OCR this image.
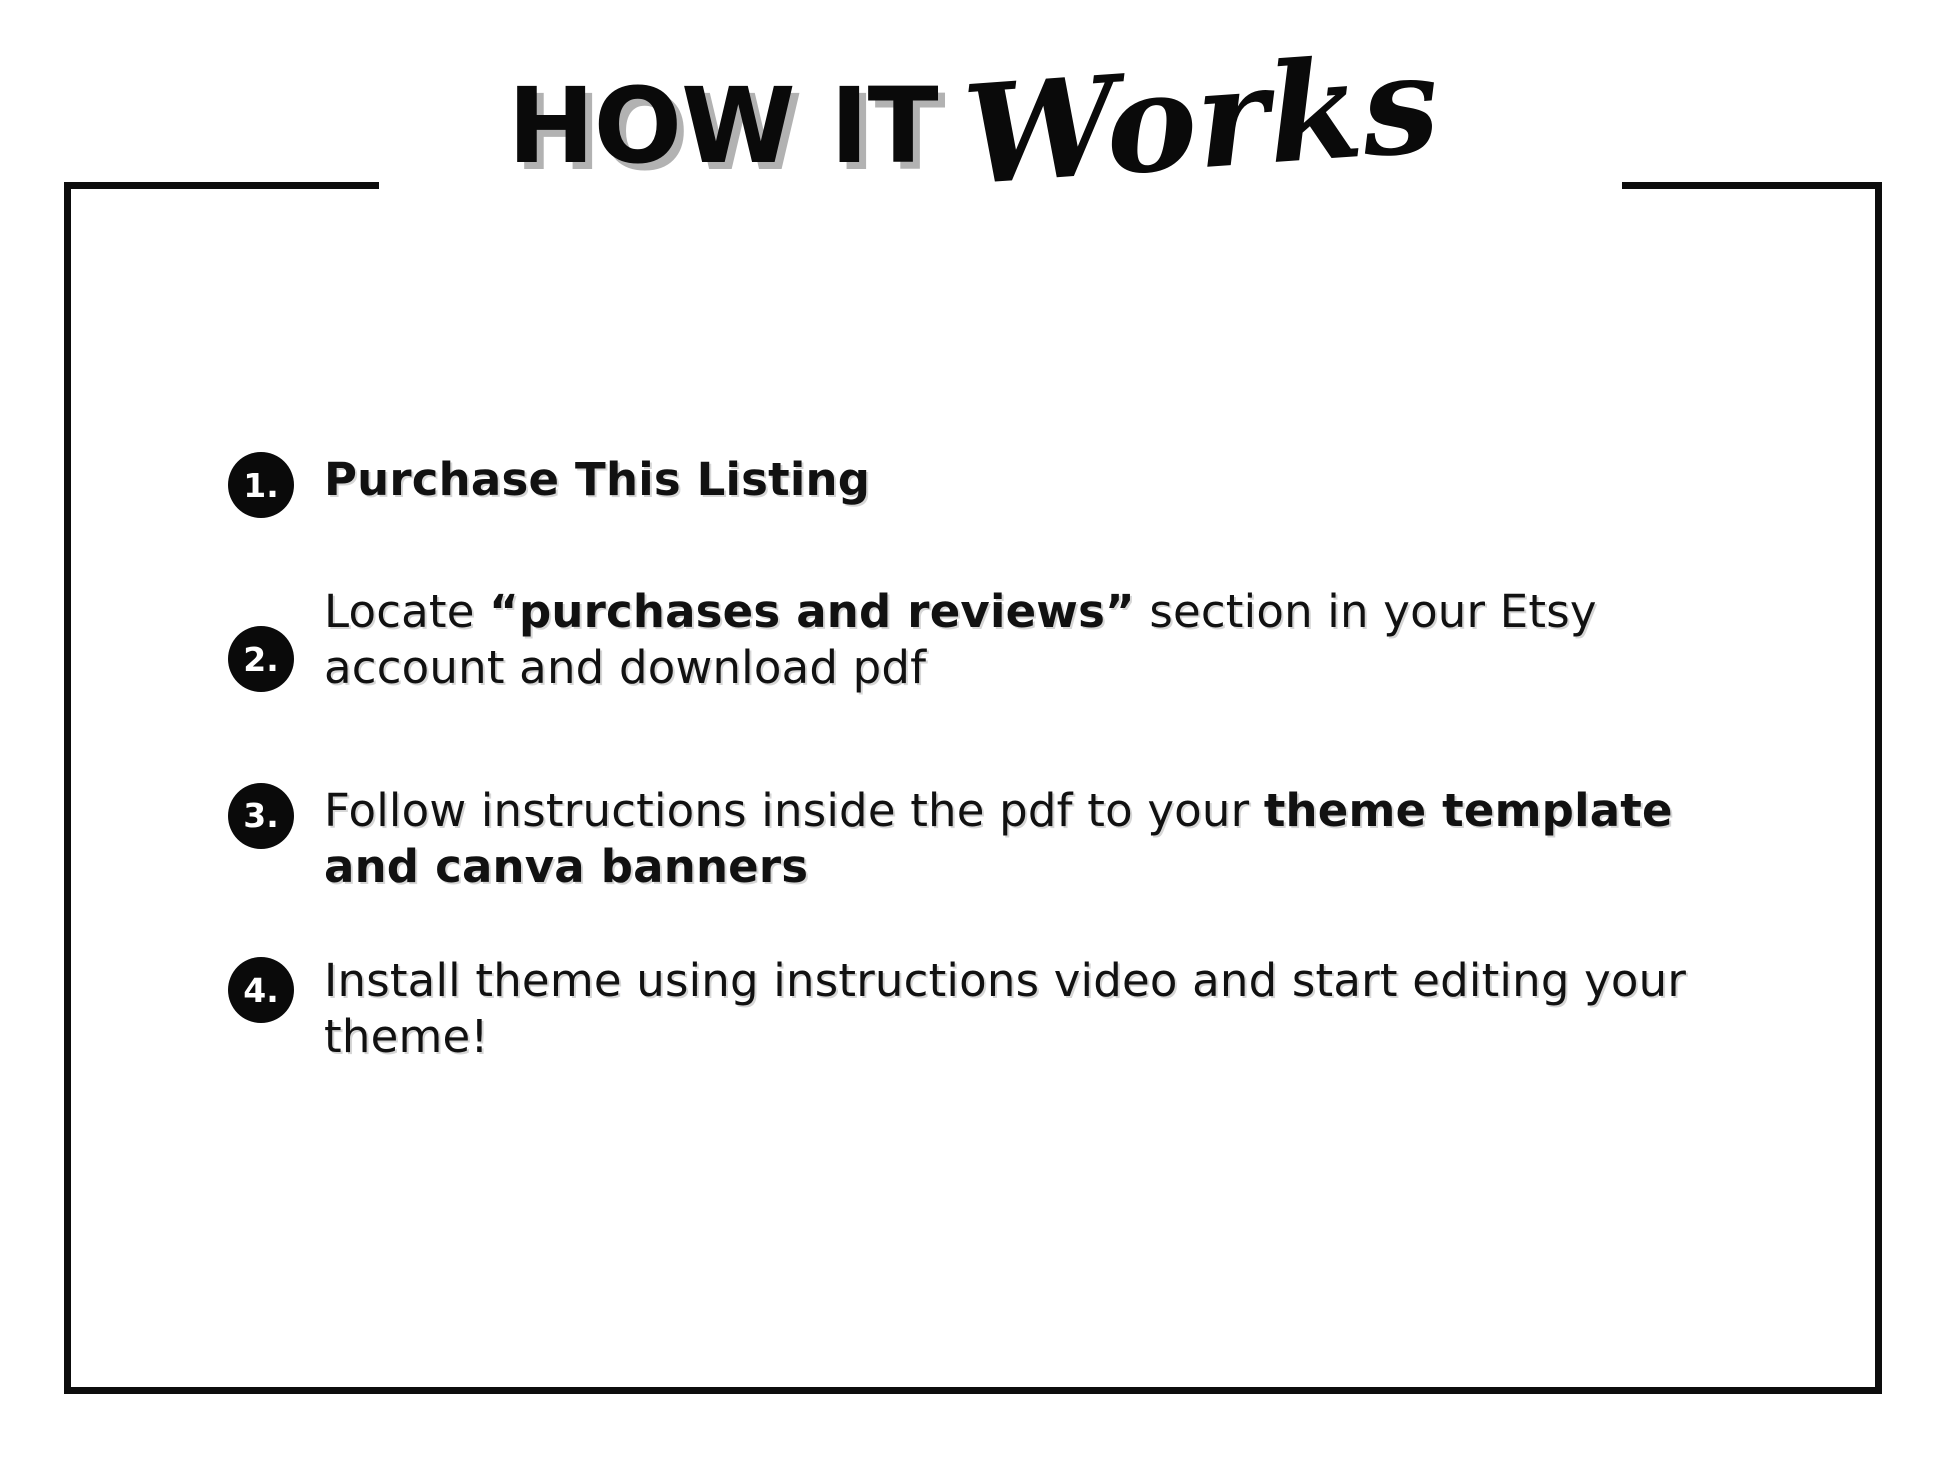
HOW IT Works
1.	Purchase This Listing
2.
Locate “purchases and reviews” section in your Etsy account and download pdf
3.	Follow instructions inside the pdf to your theme template and canva banners
4.	Install theme using instructions video and start editing your theme!
